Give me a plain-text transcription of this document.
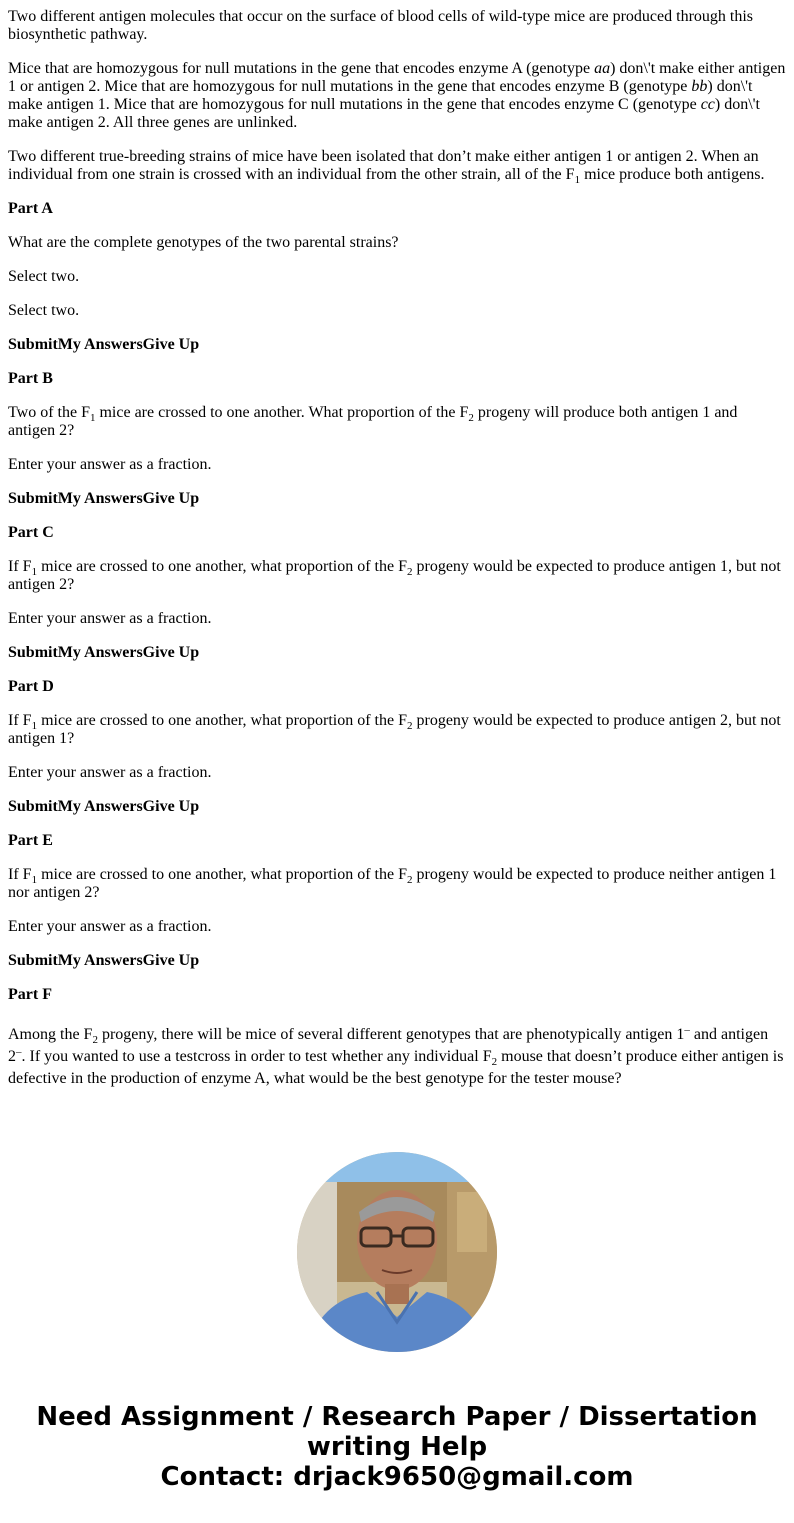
Two different antigen molecules that occur on the surface of blood cells of wild-type mice are produced through this biosynthetic pathway.

Mice that are homozygous for null mutations in the gene that encodes enzyme A (genotype aa) don\'t make either antigen 1 or antigen 2. Mice that are homozygous for null mutations in the gene that encodes enzyme B (genotype bb) don\'t make antigen 1. Mice that are homozygous for null mutations in the gene that encodes enzyme C (genotype cc) don\'t make antigen 2. All three genes are unlinked.

Two different true-breeding strains of mice have been isolated that don’t make either antigen 1 or antigen 2. When an individual from one strain is crossed with an individual from the other strain, all of the $F_1$ mice produce both antigens.

Part A

What are the complete genotypes of the two parental strains?

Select two.

Select two.

SubmitMy AnswersGive Up

Part B

Two of the $F_1$ mice are crossed to one another. What proportion of the $F_2$ progeny will produce both antigen 1 and antigen 2?

Enter your answer as a fraction.

SubmitMy AnswersGive Up

Part C

If $F_1$ mice are crossed to one another, what proportion of the $F_2$ progeny would be expected to produce antigen 1, but not antigen 2?

Enter your answer as a fraction.

SubmitMy AnswersGive Up

Part D

If $F_1$ mice are crossed to one another, what proportion of the $F_2$ progeny would be expected to produce antigen 2, but not antigen 1?

Enter your answer as a fraction.

SubmitMy AnswersGive Up

Part E

If $F_1$ mice are crossed to one another, what proportion of the $F_2$ progeny would be expected to produce neither antigen 1 nor antigen 2?

Enter your answer as a fraction.

SubmitMy AnswersGive Up

Part F

Among the $F_2$ progeny, there will be mice of several different genotypes that are phenotypically antigen 1– and antigen 2–. If you wanted to use a testcross in order to test whether any individual $F_2$ mouse that doesn’t produce either antigen is defective in the production of enzyme A, what would be the best genotype for the tester mouse?

Need Assignment / Research Paper / Dissertation
writing Help
Contact: drjack9650@gmail.com
